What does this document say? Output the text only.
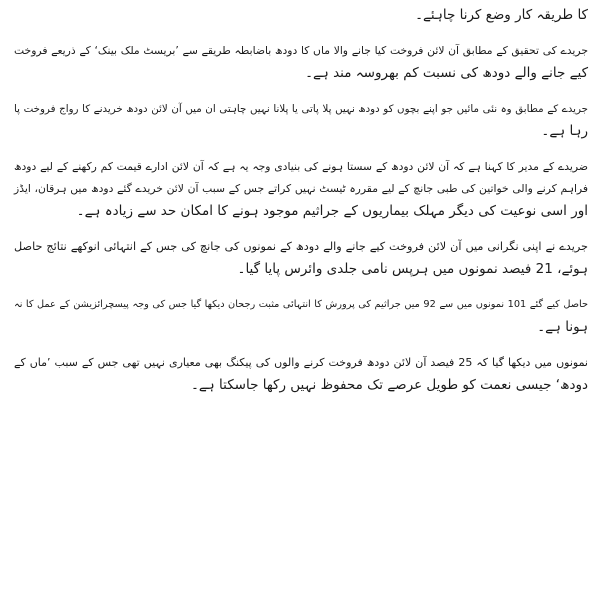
کا طریقہ کار وضع کرنا چاہئے۔
جریدے کی تحقیق کے مطابق آن لائن فروخت کیا جانے والا ماں کا دودھ باضابطہ طریقے سے ’بریسٹ ملک بینک‘ کے ذریعے فروخت
کیے جانے والے دودھ کی نسبت کم بھروسہ مند ہے۔
جریدے کے مطابق وہ نئی مائیں جو اپنے بچوں کو دودھ نہیں پلا پاتی یا پلانا نہیں چاہتی ان میں آن لائن دودھ خریدنے کا رواج فروخت پا
رہا ہے۔
ضریدے کے مدیر کا کہنا ہے کہ آن لائن دودھ کے سستا ہونے کی بنیادی وجہ یہ ہے کہ آن لائن ادارے قیمت کم رکھنے کے لیے دودھ
فراہم کرنے والی خواتین کی طبی جانچ کے لیے مقررہ ٹیسٹ نہیں کراتے جس کے سبب آن لائن خریدے گئے دودھ میں ہرقان، ایڈز
اور اسی نوعیت کی دیگر مہلک بیماریوں کے جراثیم موجود ہونے کا امکان حد سے زیادہ ہے۔
جریدے نے اپنی نگرانی میں آن لائن فروخت کیے جانے والے دودھ کے نمونوں کی جانچ کی جس کے انتہائی انوکھے نتائج حاصل
ہوئے، 21 فیصد نمونوں میں ہرپس نامی جلدی وائرس پایا گیا۔
حاصل کیے گئے 101 نمونوں میں سے 92 میں جراثیم کی پرورش کا انتہائی مثبت رجحان دیکھا گیا جس کی وجہ پیسچرائزیشن کے عمل کا نہ
ہونا ہے۔
نمونوں میں دیکھا گیا کہ 25 فیصد آن لائن دودھ فروخت کرنے والوں کی پیکنگ بھی معیاری نہیں تھی جس کے سبب ’ماں کے
دودھ‘ جیسی نعمت کو طویل عرصے تک محفوظ نہیں رکھا جاسکتا ہے۔
